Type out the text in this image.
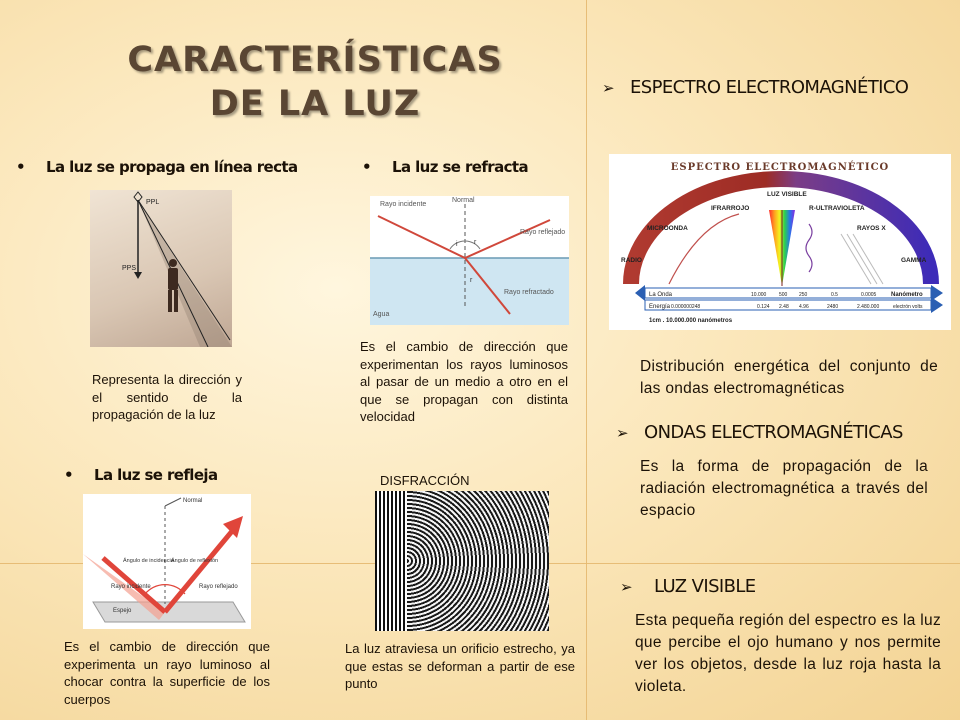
CARACTERÍSTICAS
DE LA LUZ
• La luz se propaga en línea recta
PPL
PPS
Representa la dirección y el sentido de la propagación de la luz
• La luz se refracta
Rayo incidente
Normal
Rayo reflejado
Rayo refractado
Agua
i r
r
Es el cambio de dirección que experimentan los rayos luminosos al pasar de un medio a otro en el que se propagan con distinta velocidad
• La luz se refleja
Normal
Ángulo de incidencia
Ángulo de reflexión
Rayo incidente	Rayo reflejado
Espejo
Es el cambio de dirección que experimenta un rayo luminoso al chocar contra la superficie de los cuerpos
DISFRACCIÓN
La luz atraviesa un orificio estrecho, ya que estas se deforman a partir de ese punto
➢ ESPECTRO ELECTROMAGNÉTICO
ESPECTRO ELECTROMAGNÉTICO
LUZ VISIBLE
MICROONDA
IFRARROJO	R-ULTRAVIOLETA
RAYOS X
RADIO	GAMMA
La Onda	10.000	500 250	0.5	0.0005 Nanómetro
Energía 0.000000248	0.124 2.48 4.96	2480	2.480.000	electrón volts
1cm . 10.000.000 nanómetros
Distribución energética del conjunto de las ondas electromagnéticas
➢ ONDAS ELECTROMAGNÉTICAS
Es la forma de propagación de la radiación electromagnética a través del espacio
➢ LUZ VISIBLE
Esta pequeña región del espectro es la luz que percibe el ojo humano y nos permite ver los objetos, desde la luz roja hasta la violeta.
